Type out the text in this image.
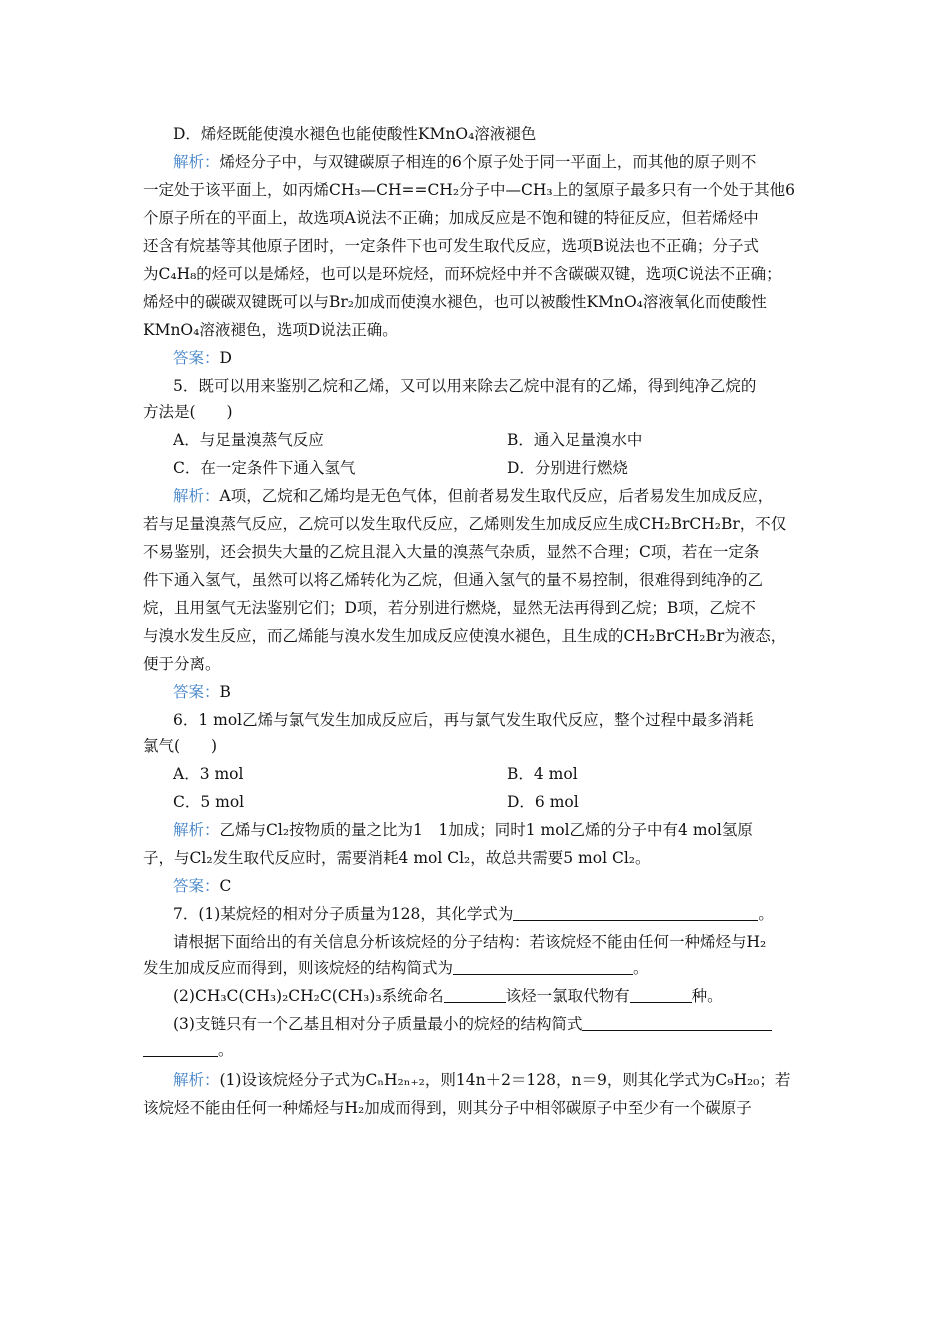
D．烯烃既能使溴水褪色也能使酸性KMnO₄溶液褪色
解析：烯烃分子中，与双键碳原子相连的6个原子处于同一平面上，而其他的原子则不
一定处于该平面上，如丙烯CH₃—CH==CH₂分子中—CH₃上的氢原子最多只有一个处于其他6
个原子所在的平面上，故选项A说法不正确；加成反应是不饱和键的特征反应，但若烯烃中
还含有烷基等其他原子团时，一定条件下也可发生取代反应，选项B说法也不正确；分子式
为C₄H₈的烃可以是烯烃，也可以是环烷烃，而环烷烃中并不含碳碳双键，选项C说法不正确；
烯烃中的碳碳双键既可以与Br₂加成而使溴水褪色，也可以被酸性KMnO₄溶液氧化而使酸性
KMnO₄溶液褪色，选项D说法正确。
答案：D
5．既可以用来鉴别乙烷和乙烯，又可以用来除去乙烷中混有的乙烯，得到纯净乙烷的
方法是(　　)
A．与足量溴蒸气反应	B．通入足量溴水中
C．在一定条件下通入氢气	D．分别进行燃烧
解析：A项，乙烷和乙烯均是无色气体，但前者易发生取代反应，后者易发生加成反应，
若与足量溴蒸气反应，乙烷可以发生取代反应，乙烯则发生加成反应生成CH₂BrCH₂Br，不仅
不易鉴别，还会损失大量的乙烷且混入大量的溴蒸气杂质，显然不合理；C项，若在一定条
件下通入氢气，虽然可以将乙烯转化为乙烷，但通入氢气的量不易控制，很难得到纯净的乙
烷，且用氢气无法鉴别它们；D项，若分别进行燃烧，显然无法再得到乙烷；B项，乙烷不
与溴水发生反应，而乙烯能与溴水发生加成反应使溴水褪色，且生成的CH₂BrCH₂Br为液态，
便于分离。
答案：B
6．1 mol乙烯与氯气发生加成反应后，再与氯气发生取代反应，整个过程中最多消耗
氯气(　　)
A．3 mol	B．4 mol
C．5 mol	D．6 mol
解析：乙烯与Cl₂按物质的量之比为1　1加成；同时1 mol乙烯的分子中有4 mol氢原
子，与Cl₂发生取代反应时，需要消耗4 mol Cl₂，故总共需要5 mol Cl₂。
答案：C
7．(1)某烷烃的相对分子质量为128，其化学式为	。
请根据下面给出的有关信息分析该烷烃的分子结构：若该烷烃不能由任何一种烯烃与H₂
发生加成反应而得到，则该烷烃的结构简式为	。
(2)CH₃C(CH₃)₂CH₂C(CH₃)₃系统命名	该烃一氯取代物有	种。
(3)支链只有一个乙基且相对分子质量最小的烷烃的结构简式
。
解析：(1)设该烷烃分子式为CₙH₂ₙ₊₂，则14n＋2＝128，n＝9，则其化学式为C₉H₂₀；若
该烷烃不能由任何一种烯烃与H₂加成而得到，则其分子中相邻碳原子中至少有一个碳原子
